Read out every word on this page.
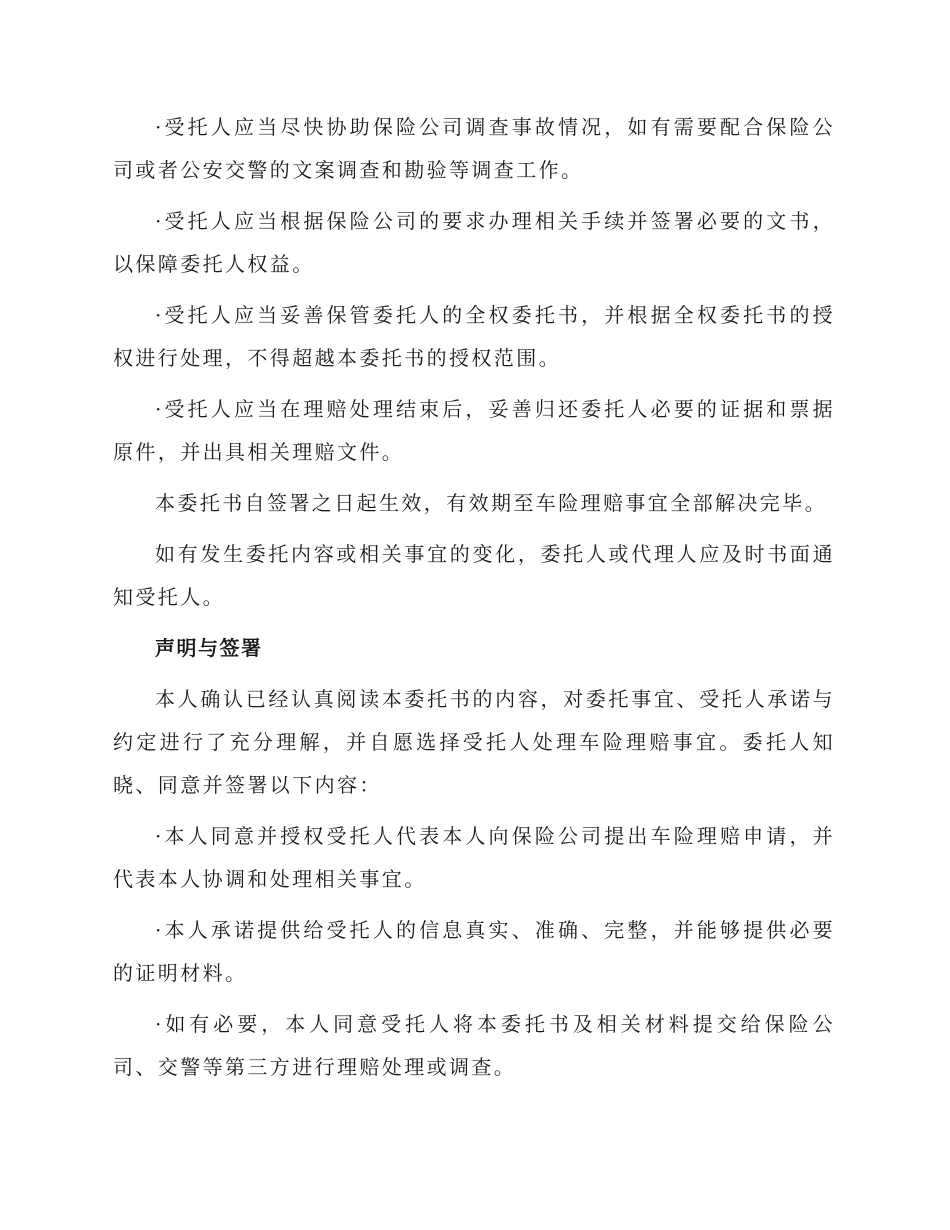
·受托人应当尽快协助保险公司调查事故情况，如有需要配合保险公司或者公安交警的文案调查和勘验等调查工作。

·受托人应当根据保险公司的要求办理相关手续并签署必要的文书，以保障委托人权益。

·受托人应当妥善保管委托人的全权委托书，并根据全权委托书的授权进行处理，不得超越本委托书的授权范围。

·受托人应当在理赔处理结束后，妥善归还委托人必要的证据和票据原件，并出具相关理赔文件。

本委托书自签署之日起生效，有效期至车险理赔事宜全部解决完毕。

如有发生委托内容或相关事宜的变化，委托人或代理人应及时书面通知受托人。

声明与签署

本人确认已经认真阅读本委托书的内容，对委托事宜、受托人承诺与约定进行了充分理解，并自愿选择受托人处理车险理赔事宜。委托人知晓、同意并签署以下内容：

·本人同意并授权受托人代表本人向保险公司提出车险理赔申请，并代表本人协调和处理相关事宜。

·本人承诺提供给受托人的信息真实、准确、完整，并能够提供必要的证明材料。

·如有必要，本人同意受托人将本委托书及相关材料提交给保险公司、交警等第三方进行理赔处理或调查。
